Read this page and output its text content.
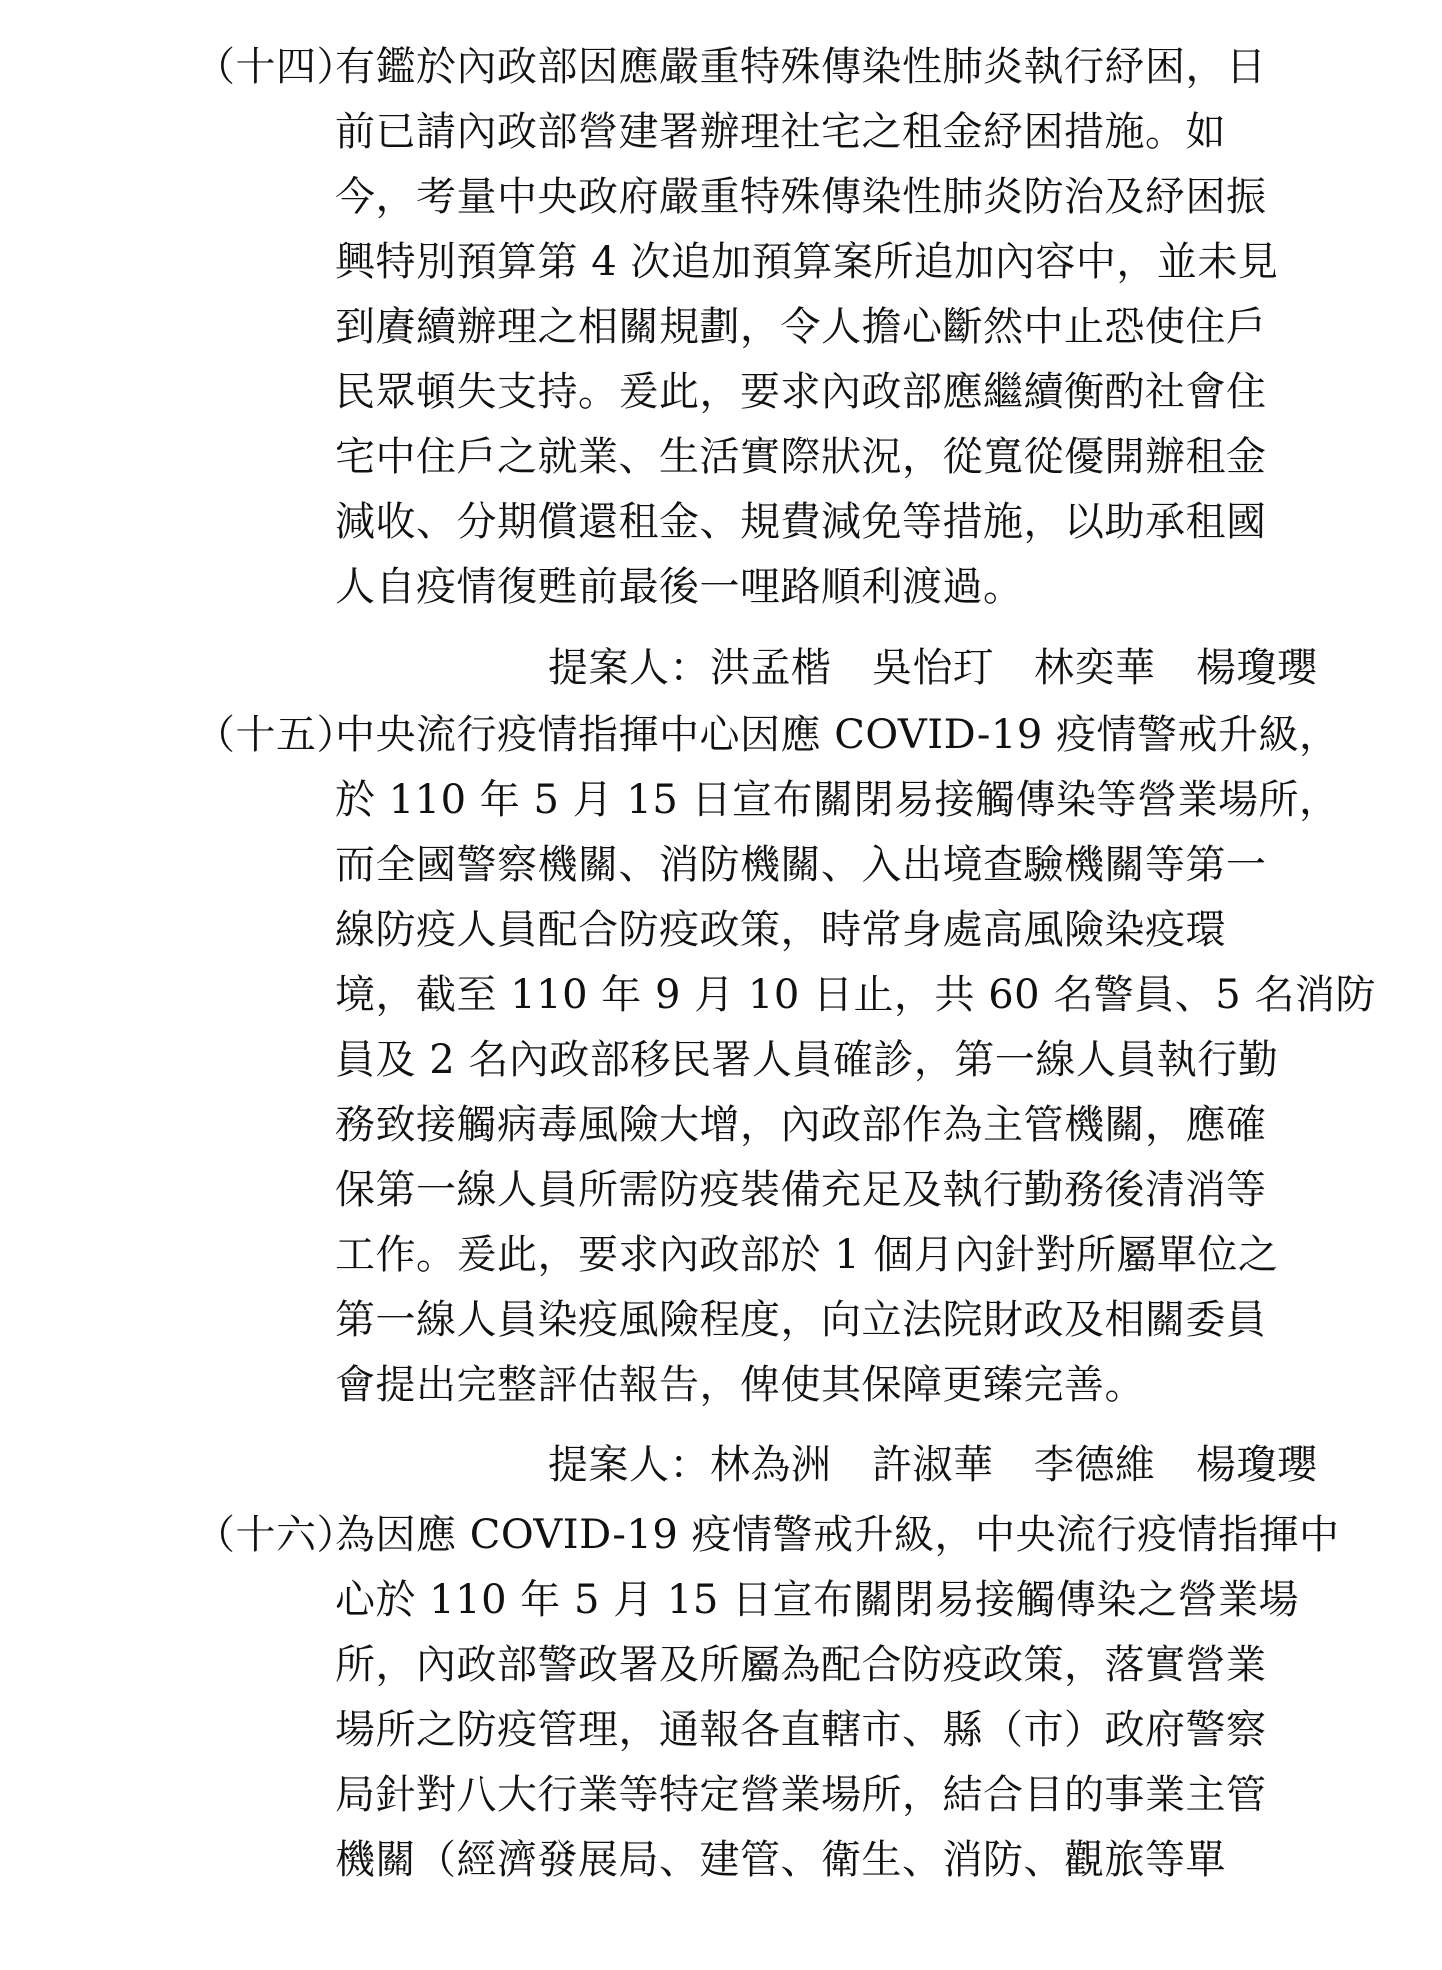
（十四）
有鑑於內政部因應嚴重特殊傳染性肺炎執行紓困，日
前已請內政部營建署辦理社宅之租金紓困措施。如
今，考量中央政府嚴重特殊傳染性肺炎防治及紓困振
興特別預算第 4 次追加預算案所追加內容中，並未見
到賡續辦理之相關規劃，令人擔心斷然中止恐使住戶
民眾頓失支持。爰此，要求內政部應繼續衡酌社會住
宅中住戶之就業、生活實際狀況，從寬從優開辦租金
減收、分期償還租金、規費減免等措施，以助承租國
人自疫情復甦前最後一哩路順利渡過。
提案人：洪孟楷　吳怡玎　林奕華　楊瓊瓔
（十五）
中央流行疫情指揮中心因應 COVID-19 疫情警戒升級，
於 110 年 5 月 15 日宣布關閉易接觸傳染等營業場所，
而全國警察機關、消防機關、入出境查驗機關等第一
線防疫人員配合防疫政策，時常身處高風險染疫環
境，截至 110 年 9 月 10 日止，共 60 名警員、5 名消防
員及 2 名內政部移民署人員確診，第一線人員執行勤
務致接觸病毒風險大增，內政部作為主管機關，應確
保第一線人員所需防疫裝備充足及執行勤務後清消等
工作。爰此，要求內政部於 1 個月內針對所屬單位之
第一線人員染疫風險程度，向立法院財政及相關委員
會提出完整評估報告，俾使其保障更臻完善。
提案人：林為洲　許淑華　李德維　楊瓊瓔
（十六）
為因應 COVID-19 疫情警戒升級，中央流行疫情指揮中
心於 110 年 5 月 15 日宣布關閉易接觸傳染之營業場
所，內政部警政署及所屬為配合防疫政策，落實營業
場所之防疫管理，通報各直轄市、縣（市）政府警察
局針對八大行業等特定營業場所，結合目的事業主管
機關（經濟發展局、建管、衛生、消防、觀旅等單
